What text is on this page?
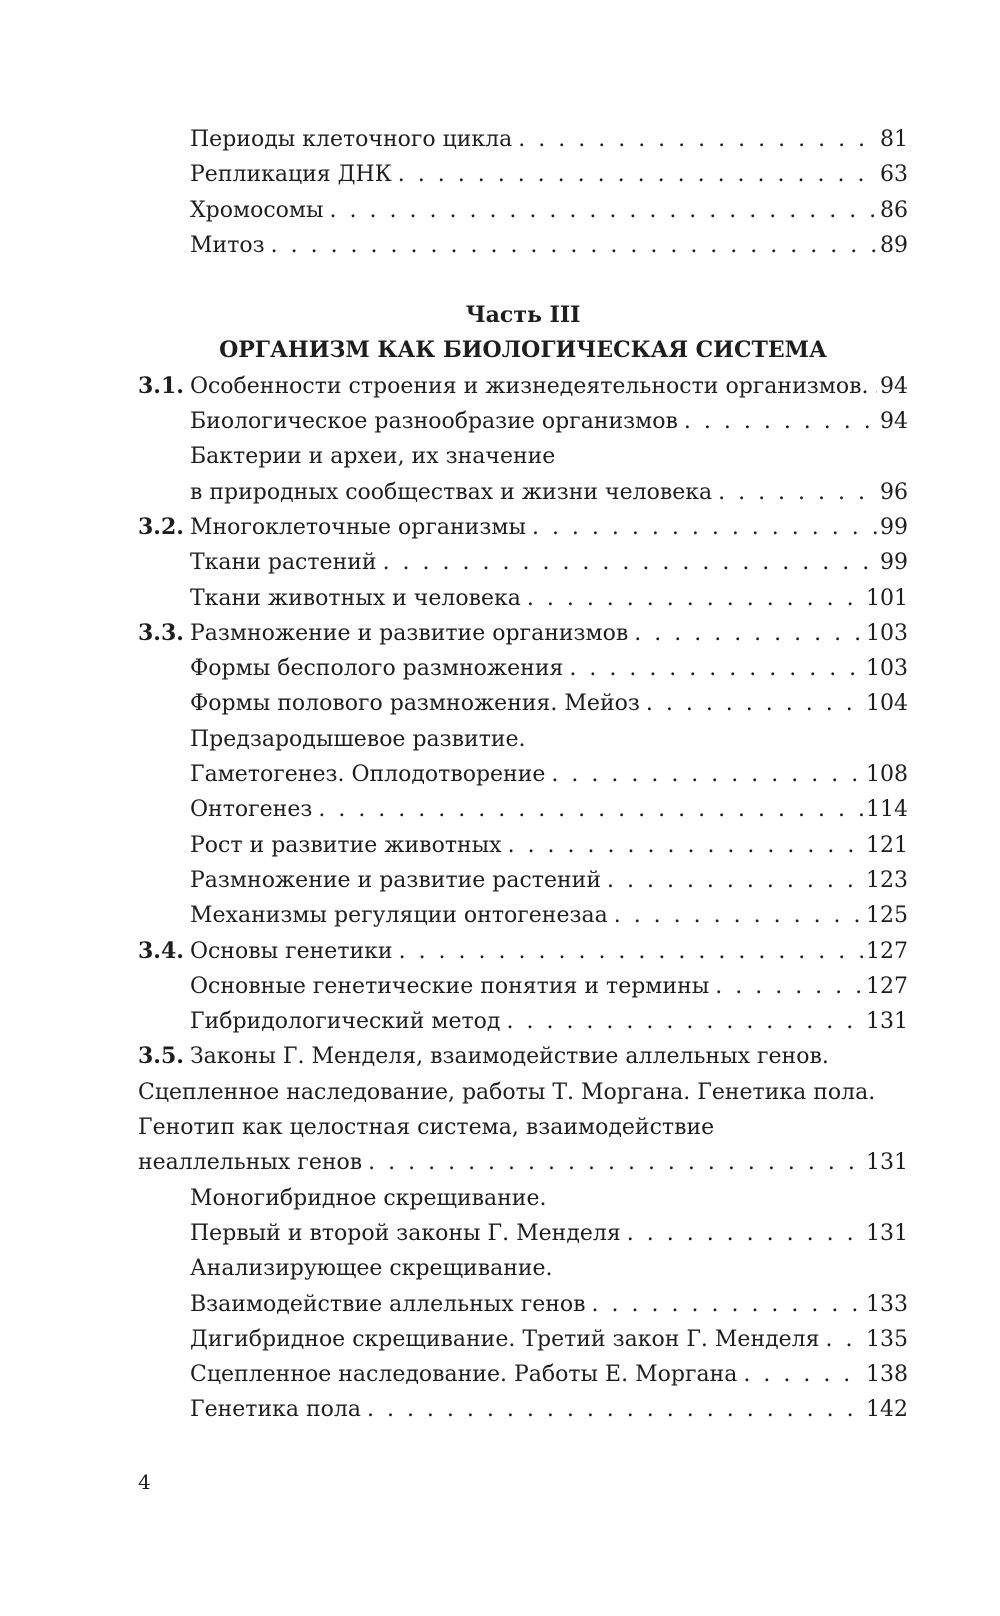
Периоды клеточного цикла . . .	81
Репликация ДНК . . .	63
Хромосомы . . .	86
Митоз . . .	89
Часть III
ОРГАНИЗМ КАК БИОЛОГИЧЕСКАЯ СИСТЕМА
3.1. Особенности строения и жизнедеятельности организмов. . . . 94
Биологическое разнообразие организмов . . .	94
Бактерии и археи, их значение
в природных сообществах и жизни человека . . .	96
3.2. Многоклеточные организмы . . .	99
Ткани растений . . .	99
Ткани животных и человека . . .	101
3.3. Размножение и развитие организмов . . .	103
Формы бесполого размножения . . .	103
Формы полового размножения. Мейоз . . .	104
Предзародышевое развитие.
Гаметогенез. Оплодотворение . . .	108
Онтогенез . . .	114
Рост и развитие животных . . .	121
Размножение и развитие растений . . .	123
Механизмы регуляции онтогенезаа . . .	125
3.4. Основы генетики . . .	127
Основные генетические понятия и термины . . .	127
Гибридологический метод . . .	131
3.5. Законы Г. Менделя, взаимодействие аллельных генов.
Сцепленное наследование, работы Т. Моргана. Генетика пола.
Генотип как целостная система, взаимодействие
неаллельных генов . . .	131
Моногибридное скрещивание.
Первый и второй законы Г. Менделя . . .	131
Анализирующее скрещивание.
Взаимодействие аллельных генов . . .	133
Дигибридное скрещивание. Третий закон Г. Менделя . . . 135
Сцепленное наследование. Работы Е. Моргана . . .	138
Генетика пола . . .	142
4
